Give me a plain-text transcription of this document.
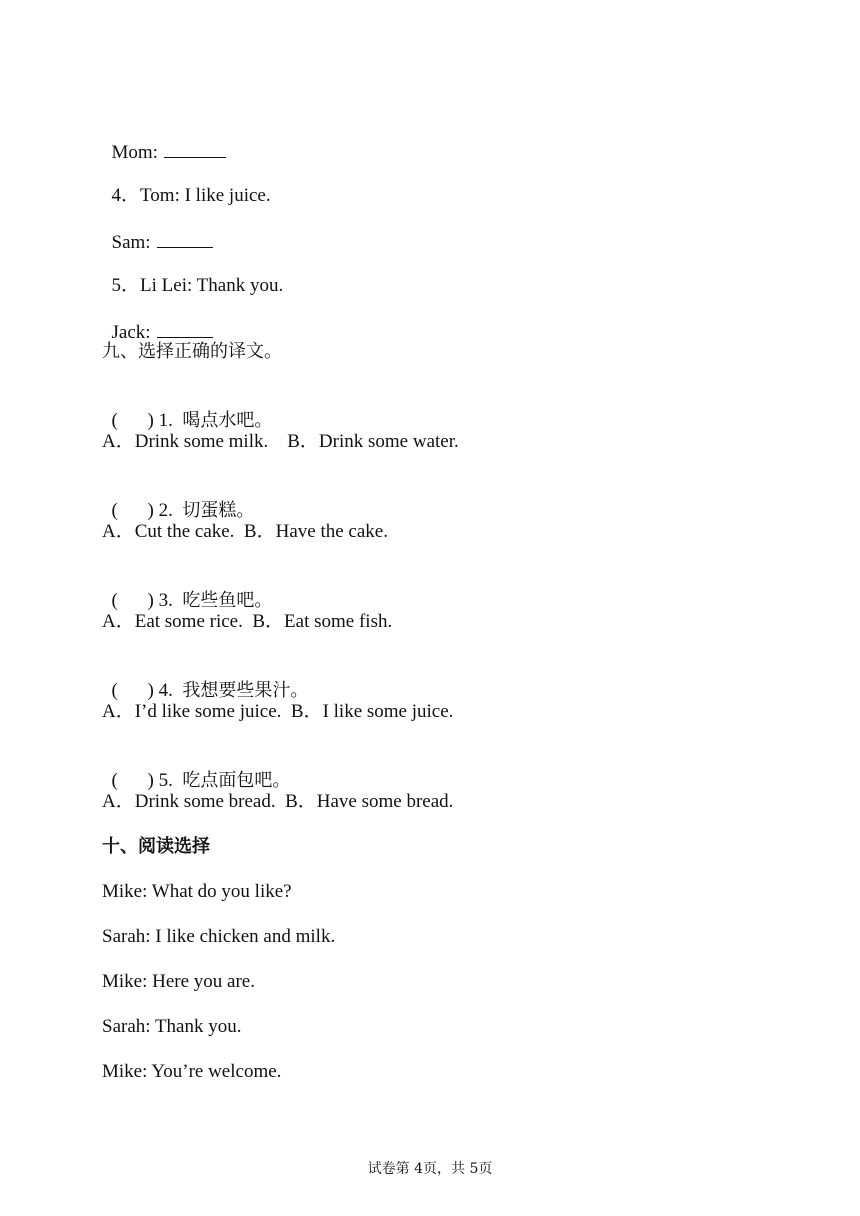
Mom:

4．Tom: I like juice.

Sam:

5．Li Lei: Thank you.

Jack:

九、选择正确的译文。

( ) 1. 喝点水吧。

A．Drink some milk.    B．Drink some water.

( ) 2. 切蛋糕。

A．Cut the cake.  B．Have the cake.

( ) 3. 吃些鱼吧。

A．Eat some rice.  B．Eat some fish.

( ) 4. 我想要些果汁。

A．I’d like some juice.  B．I like some juice.

( ) 5. 吃点面包吧。

A．Drink some bread.  B．Have some bread.
十、阅读选择
Mike: What do you like?
Sarah: I like chicken and milk.
Mike: Here you are.
Sarah: Thank you.
Mike: You’re welcome.
试卷第 4页，共 5页
